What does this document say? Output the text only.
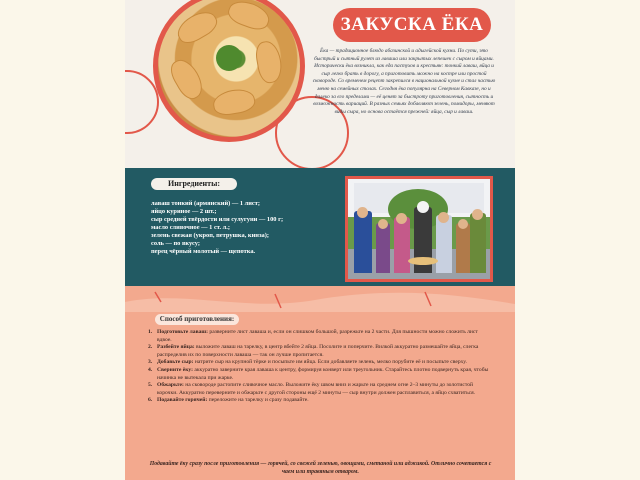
ЗАКУСКА ЁКА
Ёка — традиционное блюдо абазинской и адыгейской кухни. По сути, это быстрый и сытный рулет из лаваша или закрытых лепешек с сыром и яйцами. Исторически ёка возникла, как еда пастухов и крестьян: тонкий лаваш, яйца и сыр легко брать в дорогу, а приготовить можно на костре или простой сковороде. Со временем рецепт закрепился в национальной кухне и стал частью меню на семейных столах. Сегодня ёка популярна на Северном Кавказе, но и далеко за его пределами — её ценят за быстроту приготовления, сытность и возможность вариаций. В разных семьях добавляют зелень, помидоры, меняют виды сыра, но основа остаётся прежней: яйца, сыр и лаваш.
Ингредиенты:
лаваш тонкий (армянский) — 1 лист;
яйцо куриное — 2 шт.;
сыр средней твёрдости или сулугуни — 100 г;
масло сливочное — 1 ст. л.;
зелень свежая (укроп, петрушка, кинза);
соль — по вкусу;
перец чёрный молотый — щепотка.
Способ приготовления:
1. Подготовьте лаваш: разверните лист лаваша и, если он слишком большой, разрежьте на 2 части. Для пышности можно сложить лист вдвое.
2. Разбейте яйца: выложите лаваш на тарелку, в центр вбейте 2 яйца. Посолите и поперчите. Вилкой аккуратно размешайте яйца, слегка распределив их по поверхности лаваша — так он лучше пропитается.
3. Добавьте сыр: натрите сыр на крупной тёрке и посыпьте им яйца. Если добавляете зелень, мелко порубите её и посыпьте сверху.
4. Сверните ёку: аккуратно заверните края лаваша к центру, формируя конверт или треугольник. Старайтесь плотно подвернуть края, чтобы начинка не вытекала при жарке.
5. Обжарьте: на сковороде растопите сливочное масло. Выложите ёку швом вниз и жарьте на среднем огне 2–3 минуты до золотистой корочки. Аккуратно переверните и обжарьте с другой стороны ещё 2 минуты — сыр внутри должен расплавиться, а яйцо схватиться.
6. Подавайте горячей: переложите на тарелку и сразу подавайте.
Подавайте ёку сразу после приготовления — горячей, со свежей зеленью, овощами, сметаной или аджикой. Отлично сочетается с чаем или травяным отваром.
